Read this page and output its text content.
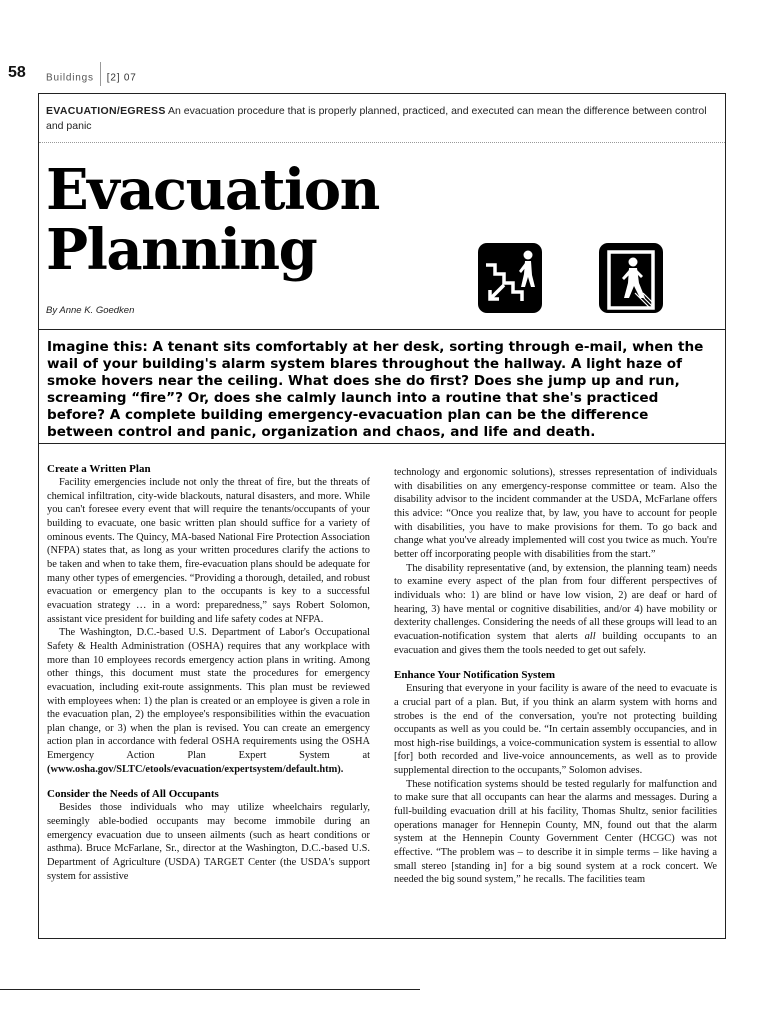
58 Buildings [2] 07
EVACUATION/EGRESS An evacuation procedure that is properly planned, practiced, and executed can mean the difference between control and panic
Evacuation
Planning
By Anne K. Goedken
Imagine this: A tenant sits comfortably at her desk, sorting through e-mail, when the wail of your building's alarm system blares throughout the hallway. A light haze of smoke hovers near the ceiling. What does she do first? Does she jump up and run, screaming “fire”? Or, does she calmly launch into a routine that she's practiced before? A complete building emergency-evacuation plan can be the difference between control and panic, organization and chaos, and life and death.
Create a Written Plan

Facility emergencies include not only the threat of fire, but the threats of chemical infiltration, city-wide blackouts, natural disasters, and more. While you can't foresee every event that will require the tenants/occupants of your building to evacuate, one basic written plan should suffice for a variety of ominous events. The Quincy, MA-based National Fire Protection Association (NFPA) states that, as long as your written procedures clarify the actions to be taken and when to take them, fire-evacuation plans should be adequate for many other types of emergencies. “Providing a thorough, detailed, and robust evacuation or emergency plan to the occupants is key to a successful evacuation strategy … in a word: preparedness,” says Robert Solomon, assistant vice president for building and life safety codes at NFPA.

The Washington, D.C.-based U.S. Department of Labor's Occupational Safety & Health Administration (OSHA) requires that any workplace with more than 10 employees records emergency action plans in writing. Among other things, this document must state the procedures for emergency evacuation, including exit-route assignments. This plan must be reviewed with employees when: 1) the plan is created or an employee is given a role in the evacuation plan, 2) the employee's responsibilities within the evacuation plan change, or 3) when the plan is revised. You can create an emergency action plan in accordance with federal OSHA requirements using the OSHA Emergency Action Plan Expert System at (www.osha.gov/SLTC/etools/evacuation/expertsystem/default.htm).

Consider the Needs of All Occupants

Besides those individuals who may utilize wheelchairs regularly, seemingly able-bodied occupants may become immobile during an emergency evacuation due to unseen ailments (such as heart conditions or asthma). Bruce McFarlane, Sr., director at the Washington, D.C.-based U.S. Department of Agriculture (USDA) TARGET Center (the USDA's support system for assistive

technology and ergonomic solutions), stresses representation of individuals with disabilities on any emergency-response committee or team. Also the disability advisor to the incident commander at the USDA, McFarlane offers this advice: “Once you realize that, by law, you have to account for people with disabilities, you have to make provisions for them. To go back and change what you've already implemented will cost you twice as much. You're better off incorporating people with disabilities from the start.”

The disability representative (and, by extension, the planning team) needs to examine every aspect of the plan from four different perspectives of individuals who: 1) are blind or have low vision, 2) are deaf or hard of hearing, 3) have mental or cognitive disabilities, and/or 4) have mobility or dexterity challenges. Considering the needs of all these groups will lead to an evacuation-notification system that alerts all building occupants to an evacuation and gives them the tools needed to get out safely.

Enhance Your Notification System

Ensuring that everyone in your facility is aware of the need to evacuate is a crucial part of a plan. But, if you think an alarm system with horns and strobes is the end of the conversation, you're not protecting building occupants as well as you could be. “In certain assembly occupancies, and in most high-rise buildings, a voice-communication system is essential to allow [for] both recorded and live-voice announcements, as well as to provide supplemental direction to the occupants,” Solomon advises.

These notification systems should be tested regularly for malfunction and to make sure that all occupants can hear the alarms and messages. During a full-building evacuation drill at his facility, Thomas Shultz, senior facilities operations manager for Hennepin County, MN, found out that the alarm system at the Hennepin County Government Center (HCGC) was not effective. “The problem was – to describe it in simple terms – like having a small stereo [standing in] for a big sound system at a rock concert. We needed the big sound system,” he recalls. The facilities team
